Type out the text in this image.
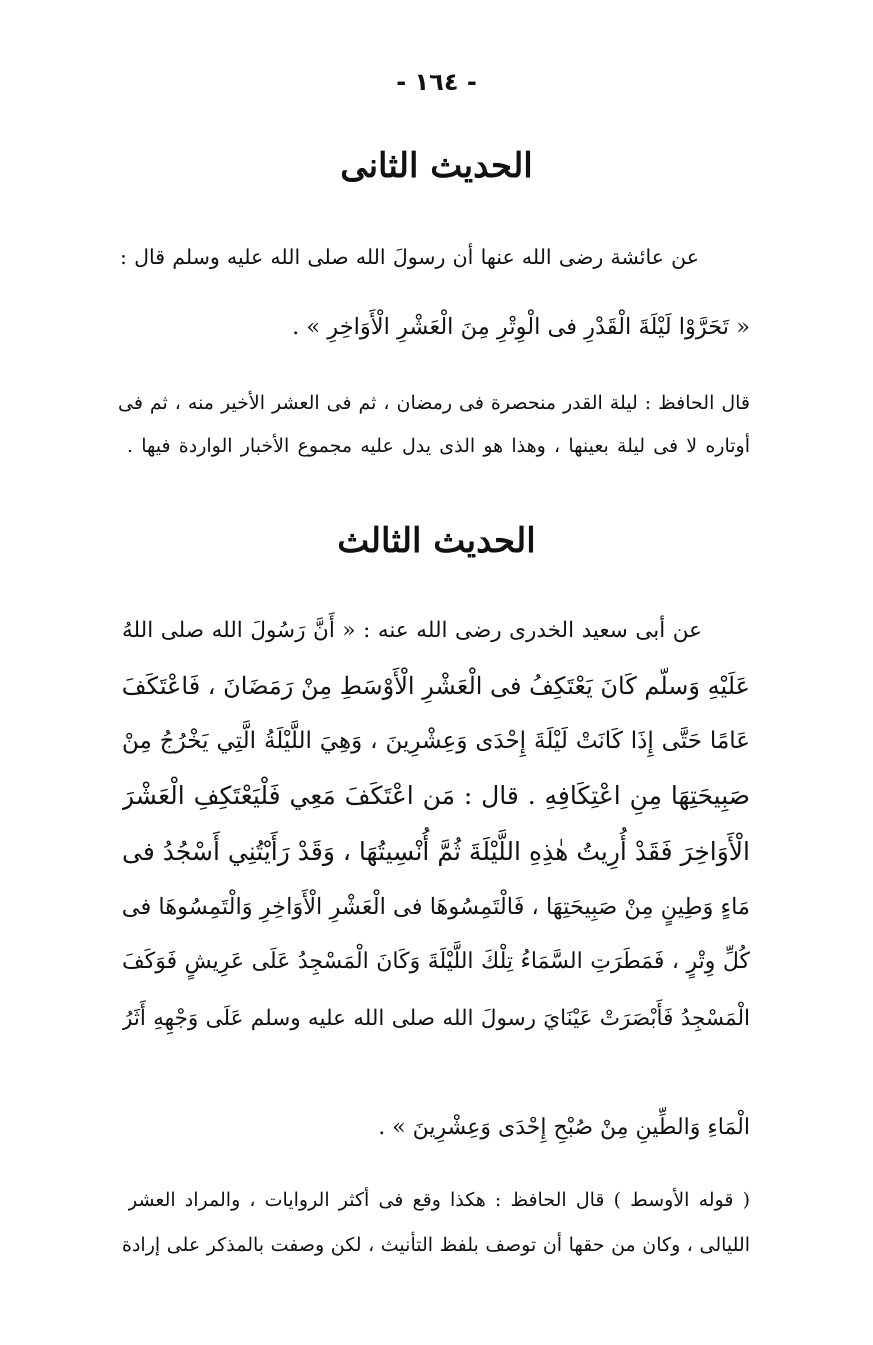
- ١٦٤ -
الحديث الثانى
عن عائشة رضى الله عنها أن رسولَ الله صلى الله عليه وسلم قال :
« تَحَرَّوْا لَيْلَةَ الْقَدْرِ فى الْوِتْرِ مِنَ الْعَشْرِ الْأَوَاخِرِ » .
قال الحافظ : ليلة القدر منحصرة فى رمضان ، ثم فى العشر الأخير منه ، ثم فى
أوتاره لا فى ليلة بعينها ، وهذا هو الذى يدل عليه مجموع الأخبار الواردة فيها .
الحديث الثالث
عن أبى سعيد الخدرى رضى الله عنه : « أَنَّ رَسُولَ الله صلى اللهُ
عَلَيْهِ وَسلّم كَانَ يَعْتَكِفُ فى الْعَشْرِ الْأَوْسَطِ مِنْ رَمَضَانَ ، فَاعْتَكَفَ
عَامًا حَتَّى إِذَا كَانَتْ لَيْلَةَ إِحْدَى وَعِشْرِينَ ، وَهِيَ اللَّيْلَةُ الَّتِي يَخْرُجُ مِنْ
صَبِيحَتِهَا مِنِ اعْتِكَافِهِ . قال : مَن اعْتَكَفَ مَعِي فَلْيَعْتَكِفِ الْعَشْرَ
الْأَوَاخِرَ فَقَدْ أُرِيتُ هٰذِهِ اللَّيْلَةَ ثُمَّ أُنْسِيتُهَا ، وَقَدْ رَأَيْتُنِي أَسْجُدُ فى
مَاءٍ وَطِينٍ مِنْ صَبِيحَتِهَا ، فَالْتَمِسُوهَا فى الْعَشْرِ الْأَوَاخِرِ وَالْتَمِسُوهَا فى
كُلِّ وِتْرٍ ، فَمَطَرَتِ السَّمَاءُ تِلْكَ اللَّيْلَةَ وَكَانَ الْمَسْجِدُ عَلَى عَرِيشٍ فَوَكَفَ
الْمَسْجِدُ فَأَبْصَرَتْ عَيْنَايَ رسولَ الله صلى الله عليه وسلم عَلَى وَجْهِهِ أَثَرُ
الْمَاءِ وَالطِّينِ مِنْ صُبْحِ إِحْدَى وَعِشْرِينَ » .
( قوله الأوسط ) قال الحافظ : هكذا وقع فى أكثر الروايات ، والمراد العشر
الليالى ، وكان من حقها أن توصف بلفظ التأنيث ، لكن وصفت بالمذكر على إرادة
